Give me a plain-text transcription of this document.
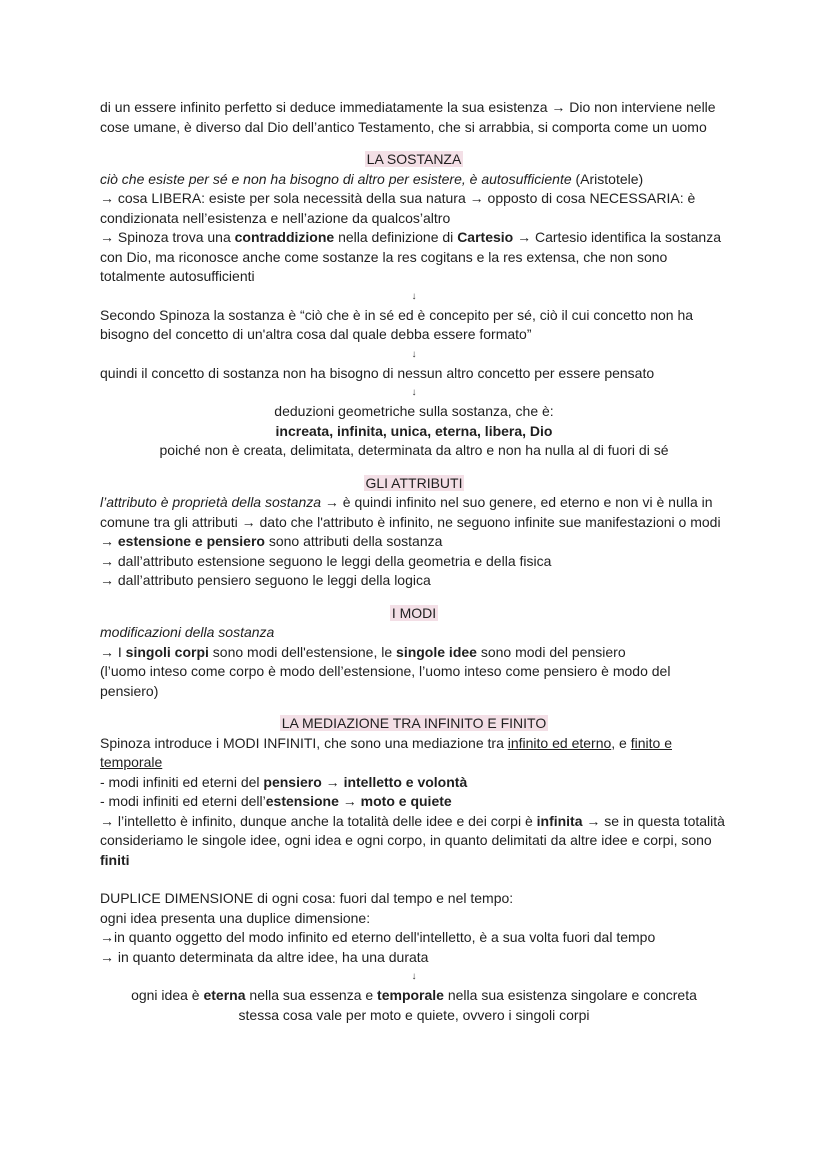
di un essere infinito perfetto si deduce immediatamente la sua esistenza → Dio non interviene nelle cose umane, è diverso dal Dio dell’antico Testamento, che si arrabbia, si comporta come un uomo

LA SOSTANZA

ciò che esiste per sé e non ha bisogno di altro per esistere, è autosufficiente (Aristotele)

→ cosa LIBERA: esiste per sola necessità della sua natura → opposto di cosa NECESSARIA: è condizionata nell’esistenza e nell’azione da qualcos’altro

→ Spinoza trova una contraddizione nella definizione di Cartesio → Cartesio identifica la sostanza con Dio, ma riconosce anche come sostanze la res cogitans e la res extensa, che non sono totalmente autosufficienti

↓

Secondo Spinoza la sostanza è “ciò che è in sé ed è concepito per sé, ciò il cui concetto non ha bisogno del concetto di un'altra cosa dal quale debba essere formato”

↓

quindi il concetto di sostanza non ha bisogno di nessun altro concetto per essere pensato

↓

deduzioni geometriche sulla sostanza, che è:

increata, infinita, unica, eterna, libera, Dio

poiché non è creata, delimitata, determinata da altro e non ha nulla al di fuori di sé

GLI ATTRIBUTI

l’attributo è proprietà della sostanza → è quindi infinito nel suo genere, ed eterno e non vi è nulla in comune tra gli attributi → dato che l'attributo è infinito, ne seguono infinite sue manifestazioni o modi

→ estensione e pensiero sono attributi della sostanza

→ dall’attributo estensione seguono le leggi della geometria e della fisica

→ dall’attributo pensiero seguono le leggi della logica

I MODI

modificazioni della sostanza

→ I singoli corpi sono modi dell'estensione, le singole idee sono modi del pensiero

(l’uomo inteso come corpo è modo dell’estensione, l’uomo inteso come pensiero è modo del pensiero)

LA MEDIAZIONE TRA INFINITO E FINITO

Spinoza introduce i MODI INFINITI, che sono una mediazione tra infinito ed eterno, e finito e temporale

- modi infiniti ed eterni del pensiero → intelletto e volontà

- modi infiniti ed eterni dell’estensione → moto e quiete

→ l’intelletto è infinito, dunque anche la totalità delle idee e dei corpi è infinita → se in questa totalità consideriamo le singole idee, ogni idea e ogni corpo, in quanto delimitati da altre idee e corpi, sono finiti

DUPLICE DIMENSIONE di ogni cosa: fuori dal tempo e nel tempo:

ogni idea presenta una duplice dimensione:

→in quanto oggetto del modo infinito ed eterno dell'intelletto, è a sua volta fuori dal tempo

→ in quanto determinata da altre idee, ha una durata

↓

ogni idea è eterna nella sua essenza e temporale nella sua esistenza singolare e concreta

stessa cosa vale per moto e quiete, ovvero i singoli corpi
